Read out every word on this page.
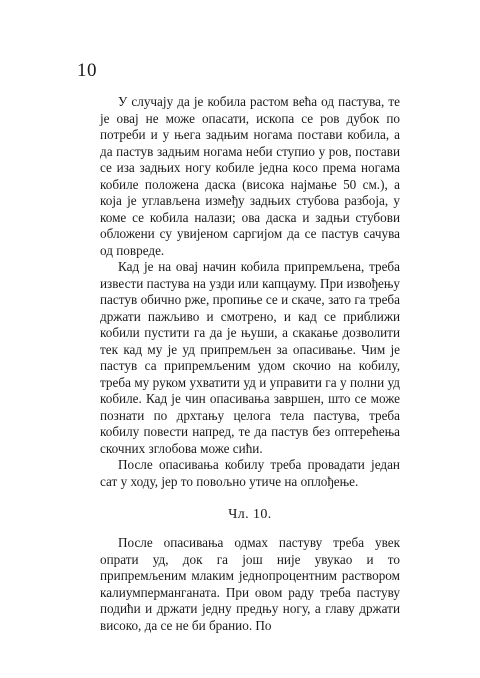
10

У случају да је кобила растом већа од пастува, те је овај не може опасати, ископа се ров дубок по потреби и у њега задњим ногама постави кобила, а да пастув задњим ногама неби ступио у ров, постави се иза задњих ногу кобиле једна косо према ногама кобиле положена даска (висока најмање 50 см.), а која је углављена између задњих стубова разбоја, у коме се кобила налази; ова даска и задњи стубови обложени су увијеном саргијом да се пастув сачува од повреде.

Кад је на овај начин кобила припремљена, треба извести пастува на узди или капцауму. При извођењу пастув обично рже, пропиње се и скаче, зато га треба држати пажљиво и смотрено, и кад се приближи кобили пустити га да је њуши, а скакање дозволити тек кад му је уд припремљен за опасивање. Чим је пастув са припремљеним удом скочио на кобилу, треба му руком ухватити уд и управити га у полни уд кобиле. Кад је чин опасивања завршен, што се може познати по дрхтању целога тела пастува, треба кобилу повести напред, те да пастув без оптерећења скочних зглобова може сићи.

После опасивања кобилу треба провадати један сат у ходу, јер то повољно утиче на оплођење.

Чл. 10.

После опасивања одмах пастуву треба увек опрати уд, док га још није увукао и то припремљеним млаким једнопроцентним раствором калиумперманганата. При овом раду треба пастуву подићи и држати једну предњу ногу, а главу држати високо, да се не би бранио. По
